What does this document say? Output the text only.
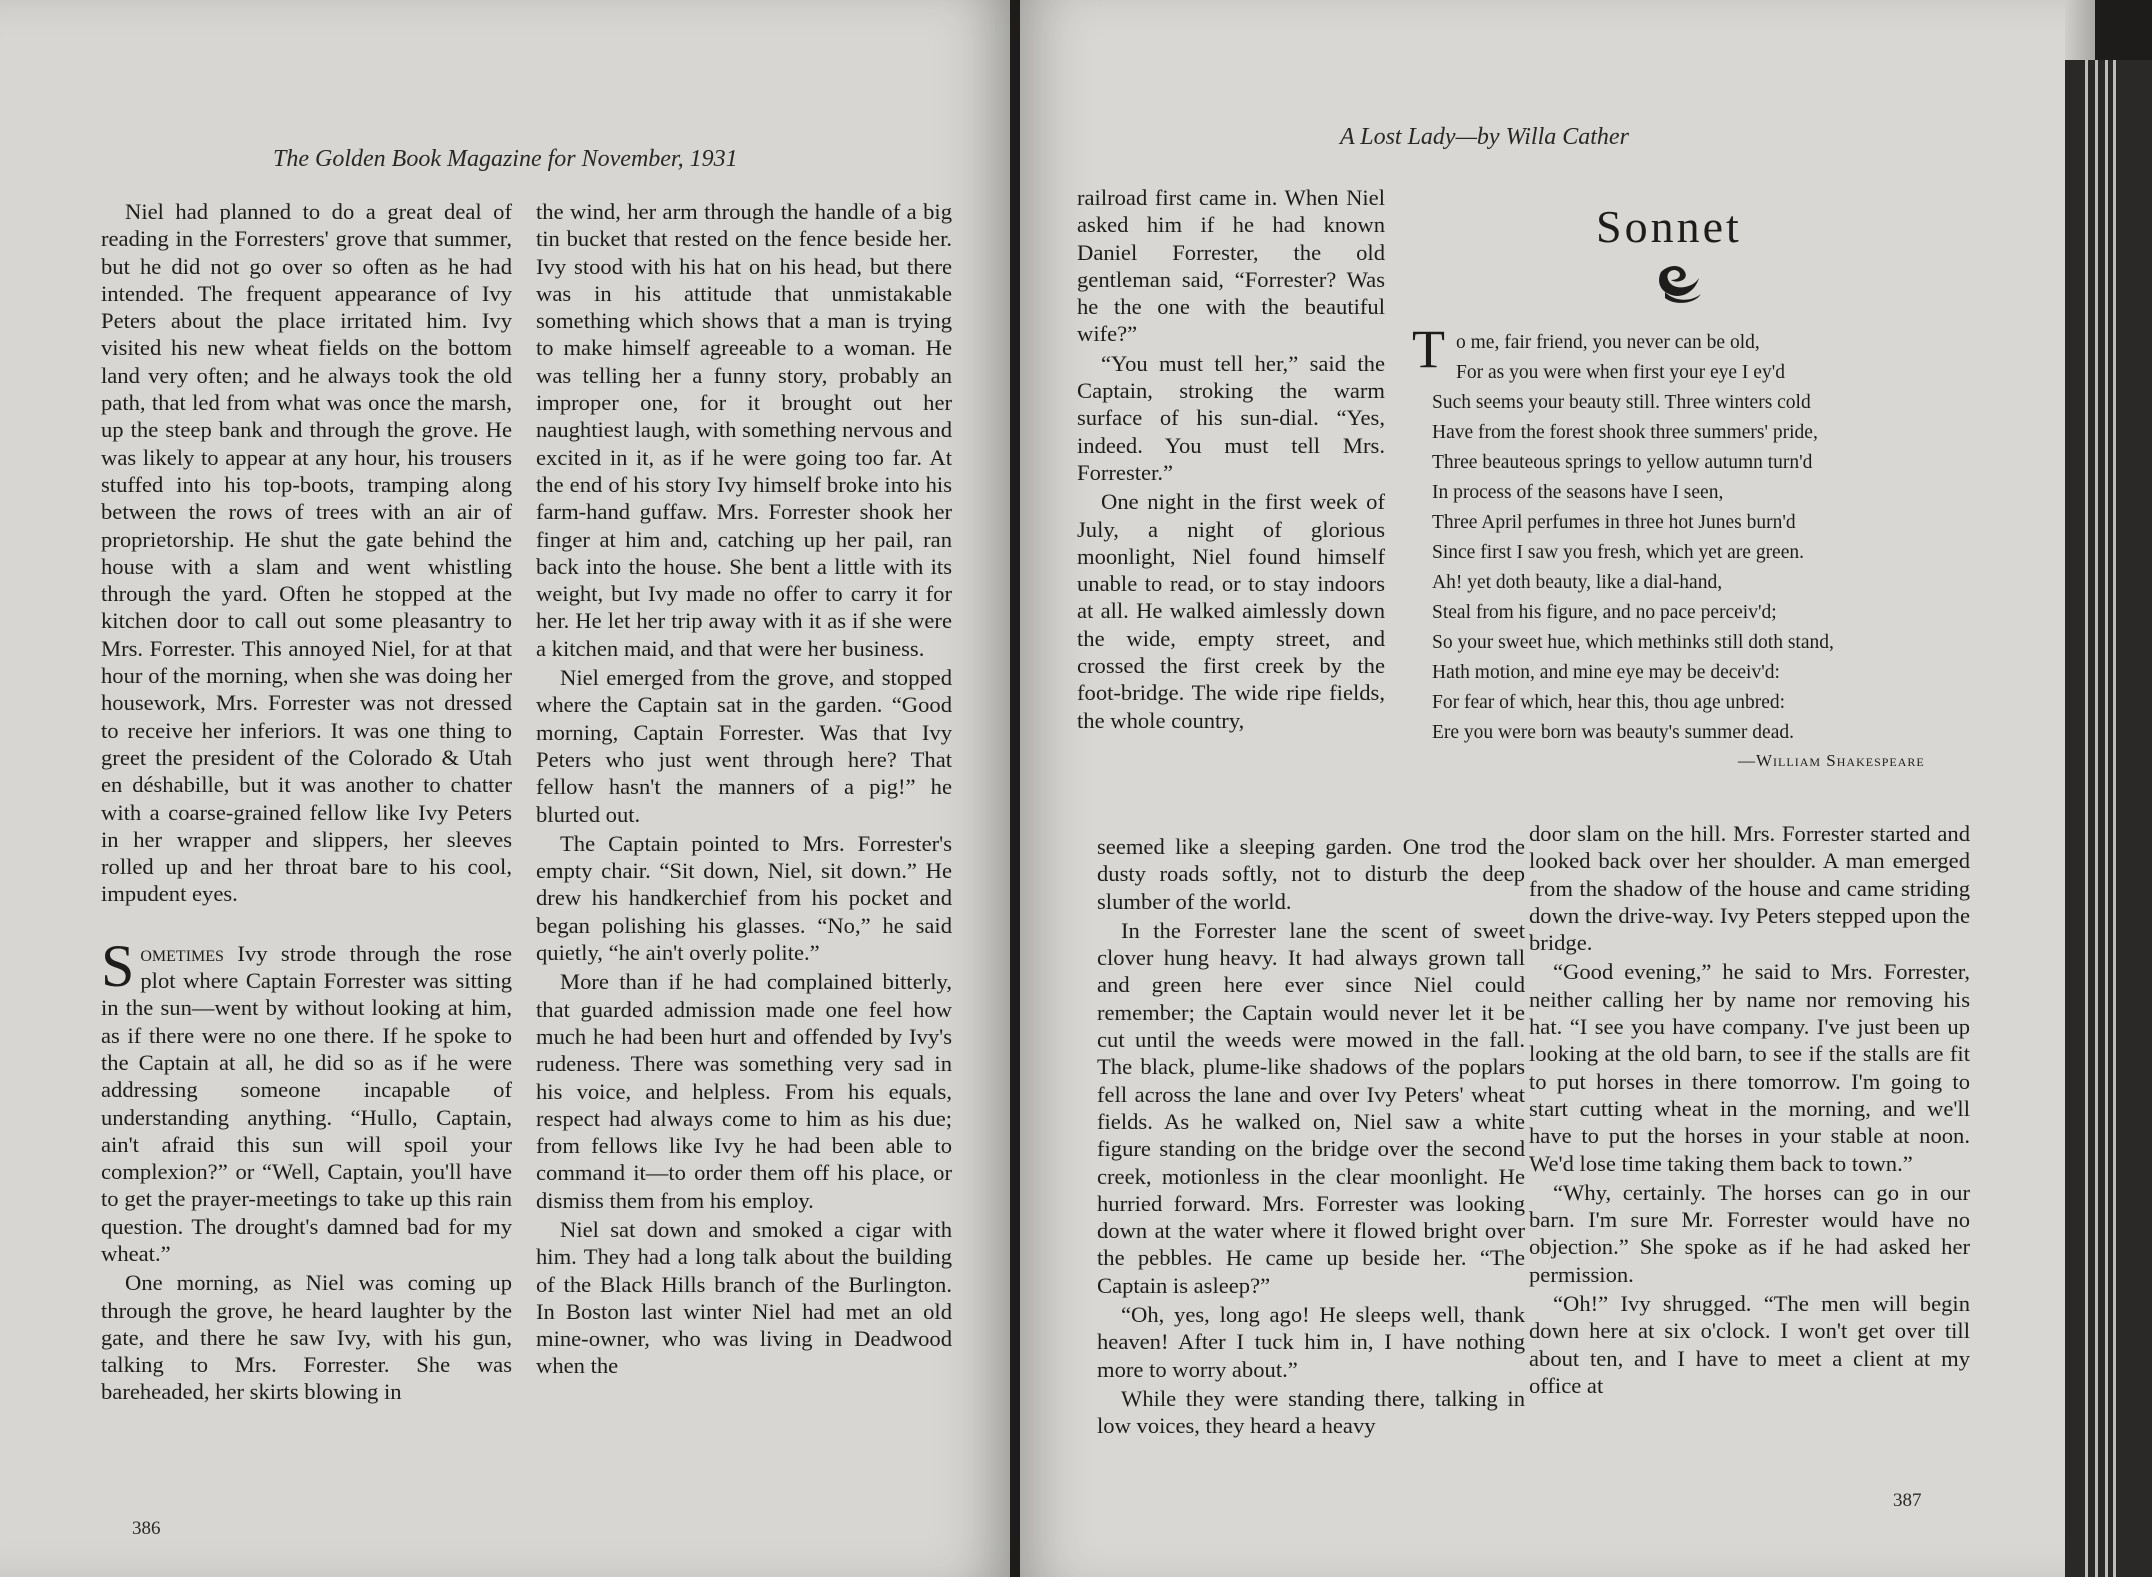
The Golden Book Magazine for November, 1931

Niel had planned to do a great deal of reading in the Forresters' grove that summer, but he did not go over so often as he had intended. The frequent appearance of Ivy Peters about the place irritated him. Ivy visited his new wheat fields on the bottom land very often; and he always took the old path, that led from what was once the marsh, up the steep bank and through the grove. He was likely to appear at any hour, his trousers stuffed into his top-boots, tramping along between the rows of trees with an air of proprietorship. He shut the gate behind the house with a slam and went whistling through the yard. Often he stopped at the kitchen door to call out some pleasantry to Mrs. Forrester. This annoyed Niel, for at that hour of the morning, when she was doing her housework, Mrs. Forrester was not dressed to receive her inferiors. It was one thing to greet the president of the Colorado & Utah en déshabille, but it was another to chatter with a coarse-grained fellow like Ivy Peters in her wrapper and slippers, her sleeves rolled up and her throat bare to his cool, impudent eyes.

Sometimes Ivy strode through the rose plot where Captain Forrester was sitting in the sun—went by without looking at him, as if there were no one there. If he spoke to the Captain at all, he did so as if he were addressing someone incapable of understanding anything. “Hullo, Captain, ain't afraid this sun will spoil your complexion?” or “Well, Captain, you'll have to get the prayer-meetings to take up this rain question. The drought's damned bad for my wheat.”

One morning, as Niel was coming up through the grove, he heard laughter by the gate, and there he saw Ivy, with his gun, talking to Mrs. Forrester. She was bareheaded, her skirts blowing in

the wind, her arm through the handle of a big tin bucket that rested on the fence beside her. Ivy stood with his hat on his head, but there was in his attitude that unmistakable something which shows that a man is trying to make himself agreeable to a woman. He was telling her a funny story, probably an improper one, for it brought out her naughtiest laugh, with something nervous and excited in it, as if he were going too far. At the end of his story Ivy himself broke into his farm-hand guffaw. Mrs. Forrester shook her finger at him and, catching up her pail, ran back into the house. She bent a little with its weight, but Ivy made no offer to carry it for her. He let her trip away with it as if she were a kitchen maid, and that were her business.

Niel emerged from the grove, and stopped where the Captain sat in the garden. “Good morning, Captain Forrester. Was that Ivy Peters who just went through here? That fellow hasn't the manners of a pig!” he blurted out.

The Captain pointed to Mrs. Forrester's empty chair. “Sit down, Niel, sit down.” He drew his handkerchief from his pocket and began polishing his glasses. “No,” he said quietly, “he ain't overly polite.”

More than if he had complained bitterly, that guarded admission made one feel how much he had been hurt and offended by Ivy's rudeness. There was something very sad in his voice, and helpless. From his equals, respect had always come to him as his due; from fellows like Ivy he had been able to command it—to order them off his place, or dismiss them from his employ.

Niel sat down and smoked a cigar with him. They had a long talk about the building of the Black Hills branch of the Burlington. In Boston last winter Niel had met an old mine-owner, who was living in Deadwood when the

386
A Lost Lady—by Willa Cather

railroad first came in. When Niel asked him if he had known Daniel Forrester, the old gentleman said, “Forrester? Was he the one with the beautiful wife?”

“You must tell her,” said the Captain, stroking the warm surface of his sun-dial. “Yes, indeed. You must tell Mrs. Forrester.”

One night in the first week of July, a night of glorious moonlight, Niel found himself unable to read, or to stay indoors at all. He walked aimlessly down the wide, empty street, and crossed the first creek by the foot-bridge. The wide ripe fields, the whole country,

seemed like a sleeping garden. One trod the dusty roads softly, not to disturb the deep slumber of the world.

In the Forrester lane the scent of sweet clover hung heavy. It had always grown tall and green here ever since Niel could remember; the Captain would never let it be cut until the weeds were mowed in the fall. The black, plume-like shadows of the poplars fell across the lane and over Ivy Peters' wheat fields. As he walked on, Niel saw a white figure standing on the bridge over the second creek, motionless in the clear moonlight. He hurried forward. Mrs. Forrester was looking down at the water where it flowed bright over the pebbles. He came up beside her. “The Captain is asleep?”

“Oh, yes, long ago! He sleeps well, thank heaven! After I tuck him in, I have nothing more to worry about.”

While they were standing there, talking in low voices, they heard a heavy

door slam on the hill. Mrs. Forrester started and looked back over her shoulder. A man emerged from the shadow of the house and came striding down the drive-way. Ivy Peters stepped upon the bridge.

“Good evening,” he said to Mrs. Forrester, neither calling her by name nor removing his hat. “I see you have company. I've just been up looking at the old barn, to see if the stalls are fit to put horses in there tomorrow. I'm going to start cutting wheat in the morning, and we'll have to put the horses in your stable at noon. We'd lose time taking them back to town.”

“Why, certainly. The horses can go in our barn. I'm sure Mr. Forrester would have no objection.” She spoke as if he had asked her permission.

“Oh!” Ivy shrugged. “The men will begin down here at six o'clock. I won't get over till about ten, and I have to meet a client at my office at

Sonnet
T o me, fair friend, you never can be old,
For as you were when first your eye I ey'd
Such seems your beauty still. Three winters cold
Have from the forest shook three summers' pride,
Three beauteous springs to yellow autumn turn'd
In process of the seasons have I seen,
Three April perfumes in three hot Junes burn'd
Since first I saw you fresh, which yet are green.
Ah! yet doth beauty, like a dial-hand,
Steal from his figure, and no pace perceiv'd;
So your sweet hue, which methinks still doth stand,
Hath motion, and mine eye may be deceiv'd:
For fear of which, hear this, thou age unbred:
Ere you were born was beauty's summer dead.
—William Shakespeare
387
